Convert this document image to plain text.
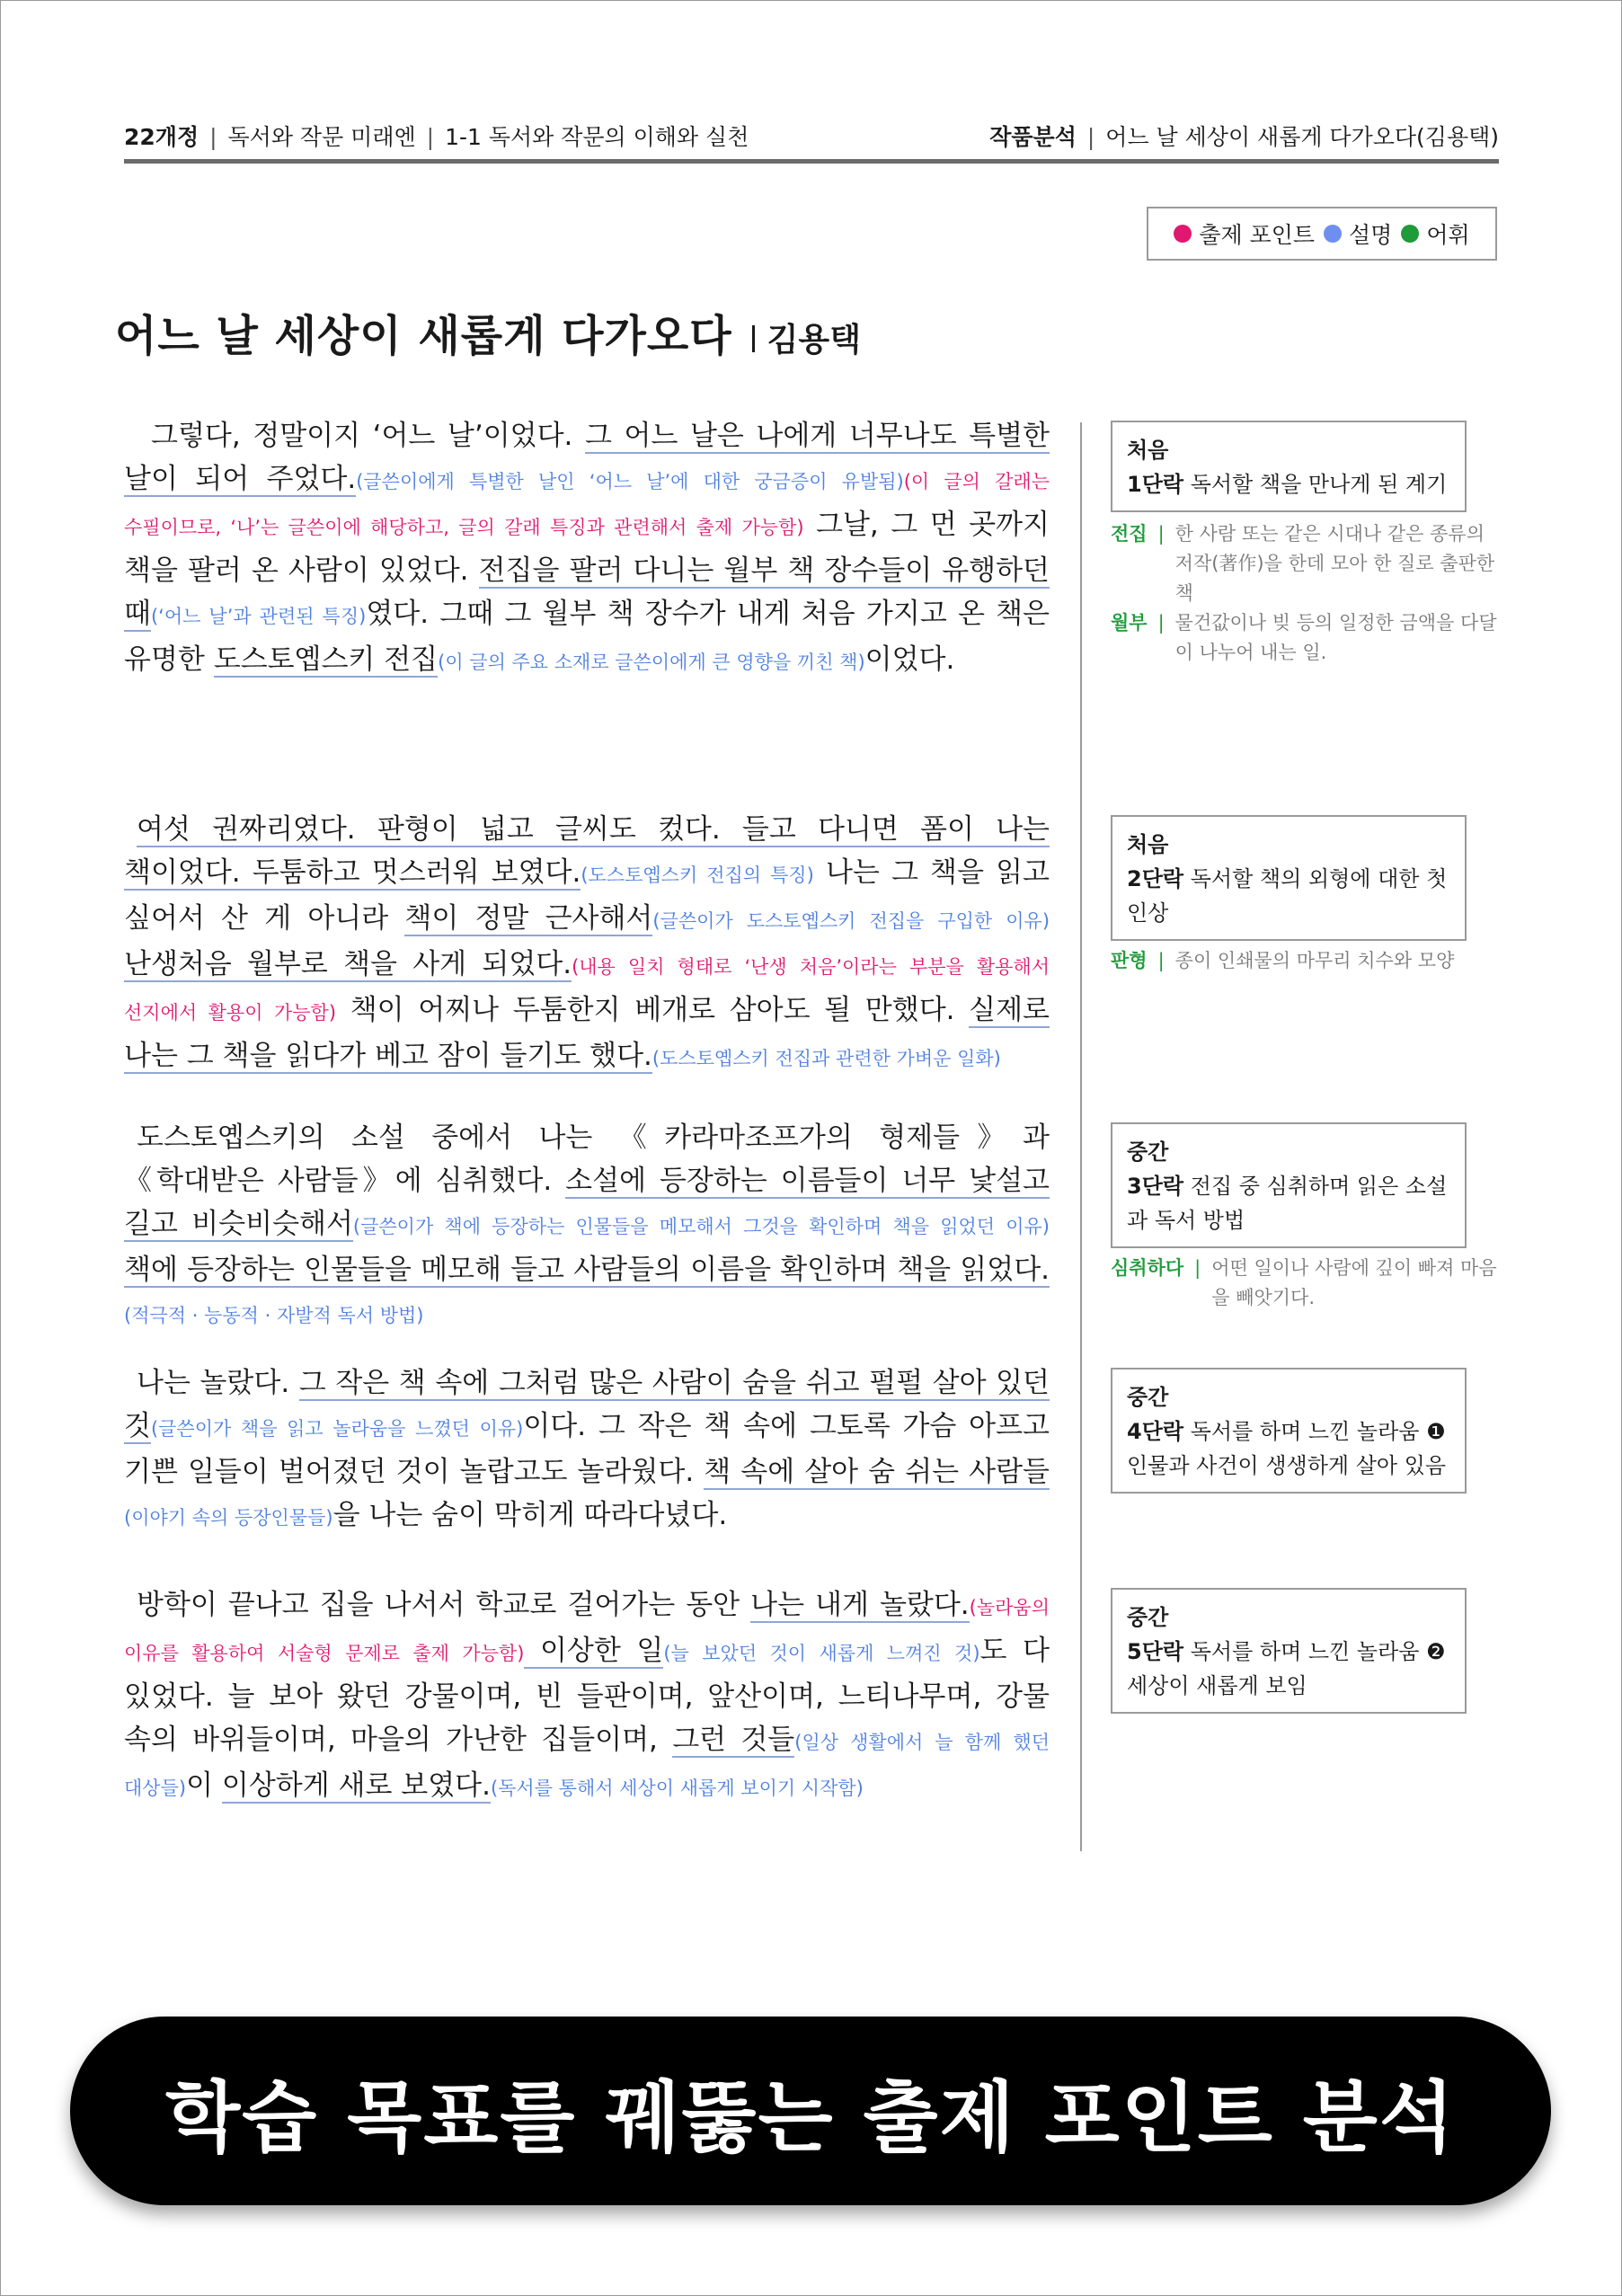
22개정 | 독서와 작문 미래엔 | 1-1 독서와 작문의 이해와 실천	작품분석 | 어느 날 세상이 새롭게 다가오다(김용택)
출제 포인트 설명 어휘
어느 날 세상이 새롭게 다가오다 김용택
그렇다, 정말이지 ‘어느 날’이었다. 그 어느 날은 나에게 너무나도 특별한 날이 되어 주었다.(글쓴이에게 특별한 날인 ‘어느 날’에 대한 궁금증이 유발됨)(이 글의 갈래는 수필이므로, ‘나’는 글쓴이에 해당하고, 글의 갈래 특징과 관련해서 출제 가능함) 그날, 그 먼 곳까지 책을 팔러 온 사람이 있었다. 전집을 팔러 다니는 월부 책 장수들이 유행하던 때(‘어느 날’과 관련된 특징)였다. 그때 그 월부 책 장수가 내게 처음 가지고 온 책은 유명한 도스토옙스키 전집(이 글의 주요 소재로 글쓴이에게 큰 영향을 끼친 책)이었다.
여섯 권짜리였다. 판형이 넓고 글씨도 컸다. 들고 다니면 폼이 나는 책이었다. 두툼하고 멋스러워 보였다.(도스토옙스키 전집의 특징) 나는 그 책을 읽고 싶어서 산 게 아니라 책이 정말 근사해서(글쓴이가 도스토옙스키 전집을 구입한 이유) 난생처음 월부로 책을 사게 되었다.(내용 일치 형태로 ‘난생 처음’이라는 부분을 활용해서 선지에서 활용이 가능함) 책이 어찌나 두툼한지 베개로 삼아도 될 만했다. 실제로 나는 그 책을 읽다가 베고 잠이 들기도 했다.(도스토옙스키 전집과 관련한 가벼운 일화)
도스토옙스키의 소설 중에서 나는 《카라마조프가의 형제들》과 《학대받은 사람들》에 심취했다. 소설에 등장하는 이름들이 너무 낯설고 길고 비슷비슷해서(글쓴이가 책에 등장하는 인물들을 메모해서 그것을 확인하며 책을 읽었던 이유) 책에 등장하는 인물들을 메모해 들고 사람들의 이름을 확인하며 책을 읽었다.(적극적 · 능동적 · 자발적 독서 방법)
나는 놀랐다. 그 작은 책 속에 그처럼 많은 사람이 숨을 쉬고 펄펄 살아 있던 것(글쓴이가 책을 읽고 놀라움을 느꼈던 이유)이다. 그 작은 책 속에 그토록 가슴 아프고 기쁜 일들이 벌어졌던 것이 놀랍고도 놀라웠다. 책 속에 살아 숨 쉬는 사람들(이야기 속의 등장인물들)을 나는 숨이 막히게 따라다녔다.
방학이 끝나고 집을 나서서 학교로 걸어가는 동안 나는 내게 놀랐다.(놀라움의 이유를 활용하여 서술형 문제로 출제 가능함) 이상한 일(늘 보았던 것이 새롭게 느껴진 것)도 다 있었다. 늘 보아 왔던 강물이며, 빈 들판이며, 앞산이며, 느티나무며, 강물 속의 바위들이며, 마을의 가난한 집들이며, 그런 것들(일상 생활에서 늘 함께 했던 대상들)이 이상하게 새로 보였다.(독서를 통해서 세상이 새롭게 보이기 시작함)
처음
1단락 독서할 책을 만나게 된 계기
전집 | 한 사람 또는 같은 시대나 같은 종류의 저작(著作)을 한데 모아 한 질로 출판한 책
월부 | 물건값이나 빚 등의 일정한 금액을 다달이 나누어 내는 일.
처음
2단락 독서할 책의 외형에 대한 첫인상
판형 | 종이 인쇄물의 마무리 치수와 모양
중간
3단락 전집 중 심취하며 읽은 소설과 독서 방법
심취하다 | 어떤 일이나 사람에 깊이 빠져 마음을 빼앗기다.
중간
4단락 독서를 하며 느낀 놀라움 ❶ 인물과 사건이 생생하게 살아 있음
중간
5단락 독서를 하며 느낀 놀라움 ❷ 세상이 새롭게 보임
학습 목표를 꿰뚫는 출제 포인트 분석
